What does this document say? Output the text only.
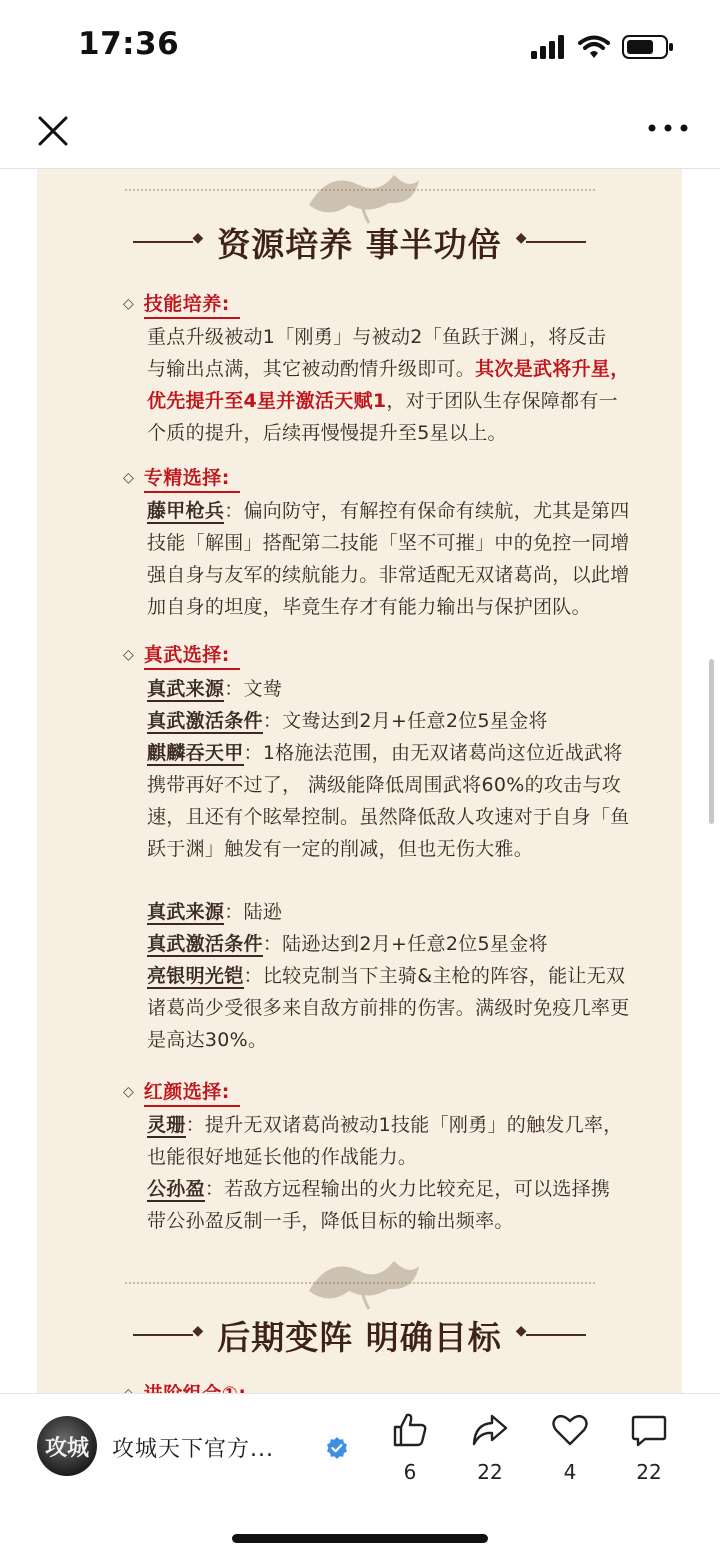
17:36
◆
资源培养 事半功倍
◆
◇ 技能培养:
重点升级被动1「刚勇」与被动2「鱼跃于渊」，将反击
与输出点满，其它被动酌情升级即可。其次是武将升星，
优先提升至4星并激活天赋1，对于团队生存保障都有一
个质的提升，后续再慢慢提升至5星以上。
◇ 专精选择:
藤甲枪兵：偏向防守，有解控有保命有续航，尤其是第四
技能「解围」搭配第二技能「坚不可摧」中的免控一同增
强自身与友军的续航能力。非常适配无双诸葛尚，以此增
加自身的坦度，毕竟生存才有能力输出与保护团队。
◇ 真武选择:
真武来源：文鸯
真武激活条件：文鸯达到2月+任意2位5星金将
麒麟吞天甲：1格施法范围，由无双诸葛尚这位近战武将
携带再好不过了， 满级能降低周围武将60%的攻击与攻
速，且还有个眩晕控制。虽然降低敌人攻速对于自身「鱼
跃于渊」触发有一定的削减，但也无伤大雅。
真武来源：陆逊
真武激活条件：陆逊达到2月+任意2位5星金将
亮银明光铠：比较克制当下主骑&主枪的阵容，能让无双
诸葛尚少受很多来自敌方前排的伤害。满级时免疫几率更
是高达30%。
◇ 红颜选择:
灵珊：提升无双诸葛尚被动1技能「刚勇」的触发几率，
也能很好地延长他的作战能力。
公孙盈：若敌方远程输出的火力比较充足，可以选择携
带公孙盈反制一手，降低目标的输出频率。
◆
后期变阵 明确目标
◆
攻城	攻城天下官方...
6	22	4	22
